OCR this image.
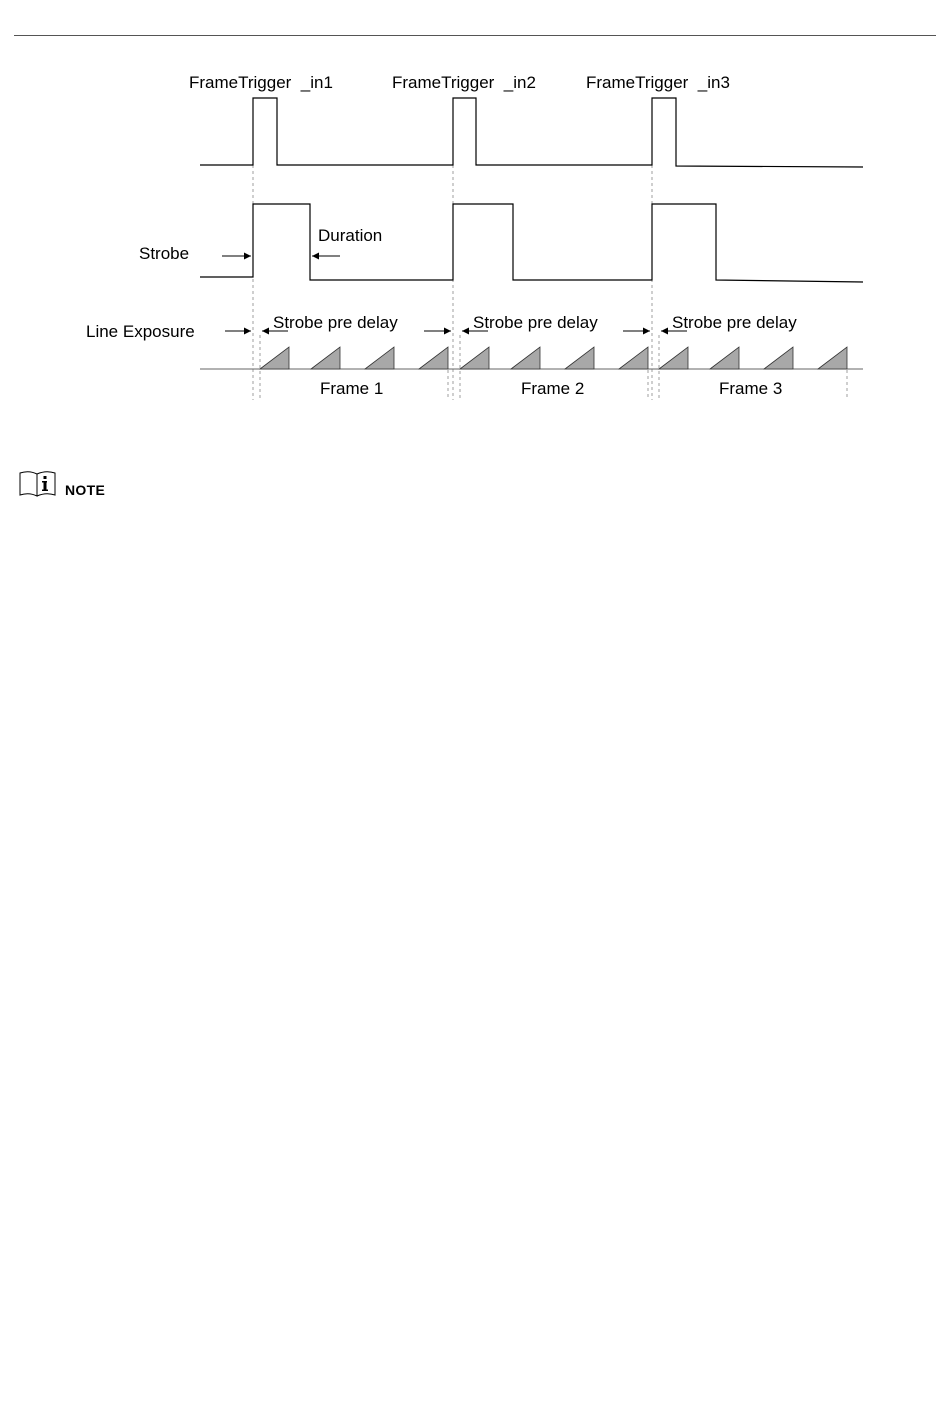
FrameTrigger  _in1	FrameTrigger  _in2	FrameTrigger  _in3
Strobe
Duration
Line Exposure	Strobe pre delay	Strobe pre delay	Strobe pre delay
Frame 1	Frame 2	Frame 3
NOTE
